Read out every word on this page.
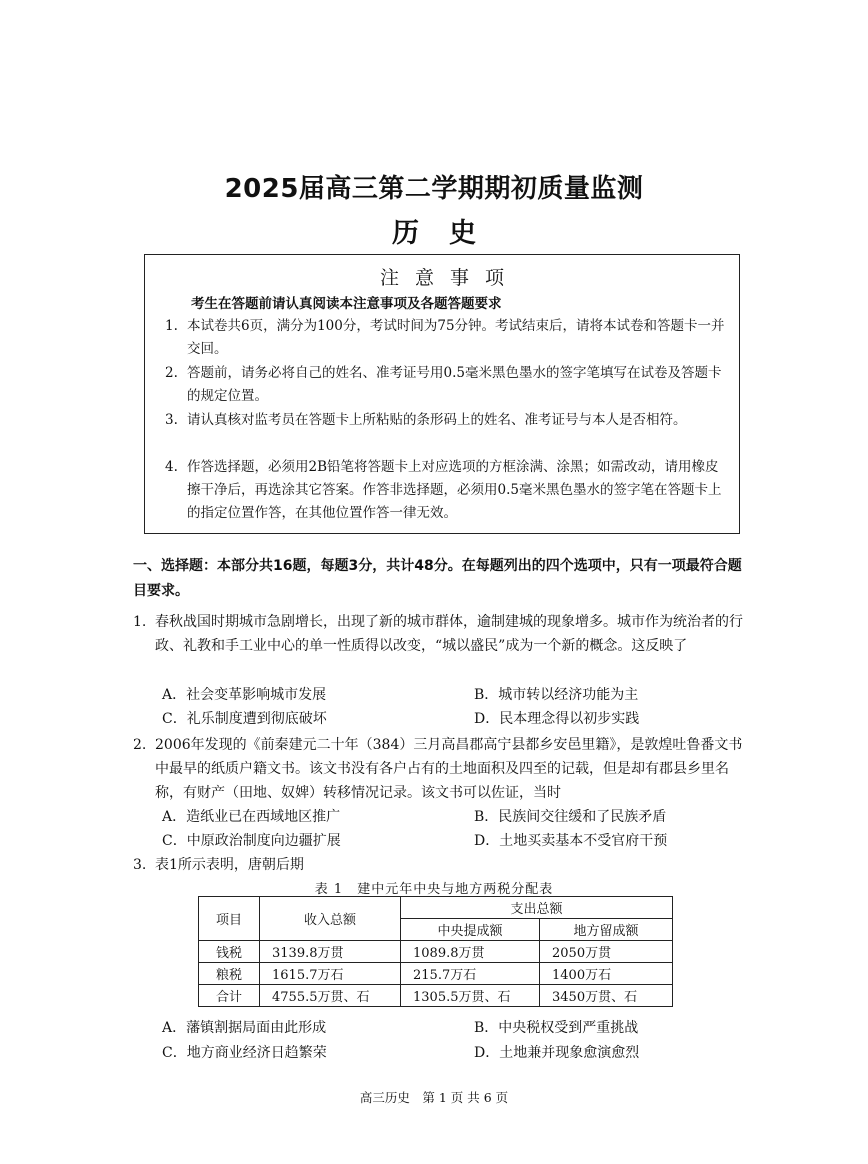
2025届高三第二学期期初质量监测
历史
注意事项
考生在答题前请认真阅读本注意事项及各题答题要求
1. 本试卷共6页，满分为100分，考试时间为75分钟。考试结束后，请将本试卷和答题卡一并交回。
2. 答题前，请务必将自己的姓名、准考证号用0.5毫米黑色墨水的签字笔填写在试卷及答题卡的规定位置。
3. 请认真核对监考员在答题卡上所粘贴的条形码上的姓名、准考证号与本人是否相符。
4. 作答选择题，必须用2B铅笔将答题卡上对应选项的方框涂满、涂黑；如需改动，请用橡皮擦干净后，再选涂其它答案。作答非选择题，必须用0.5毫米黑色墨水的签字笔在答题卡上的指定位置作答，在其他位置作答一律无效。
一、选择题：本部分共16题，每题3分，共计48分。在每题列出的四个选项中，只有一项最符合题目要求。
1. 春秋战国时期城市急剧增长，出现了新的城市群体，逾制建城的现象增多。城市作为统治者的行政、礼教和手工业中心的单一性质得以改变，“城以盛民”成为一个新的概念。这反映了
A．社会变革影响城市发展	B．城市转以经济功能为主
C．礼乐制度遭到彻底破坏	D．民本理念得以初步实践
2. 2006年发现的《前秦建元二十年（384）三月高昌郡高宁县都乡安邑里籍》，是敦煌吐鲁番文书中最早的纸质户籍文书。该文书没有各户占有的土地面积及四至的记载，但是却有郡县乡里名称，有财产（田地、奴婢）转移情况记录。该文书可以佐证，当时
A．造纸业已在西域地区推广	B．民族间交往缓和了民族矛盾
C．中原政治制度向边疆扩展	D．土地买卖基本不受官府干预
3. 表1所示表明，唐朝后期
表 1　建中元年中央与地方两税分配表
项目	收入总额	支出总额	
		中央提成额	地方留成额
钱税	3139.8万贯	1089.8万贯	2050万贯
粮税	1615.7万石	215.7万石	1400万石
合计	4755.5万贯、石	1305.5万贯、石	3450万贯、石
A．藩镇割据局面由此形成	B．中央税权受到严重挑战
C．地方商业经济日趋繁荣	D．土地兼并现象愈演愈烈
高三历史　第 1 页 共 6 页
